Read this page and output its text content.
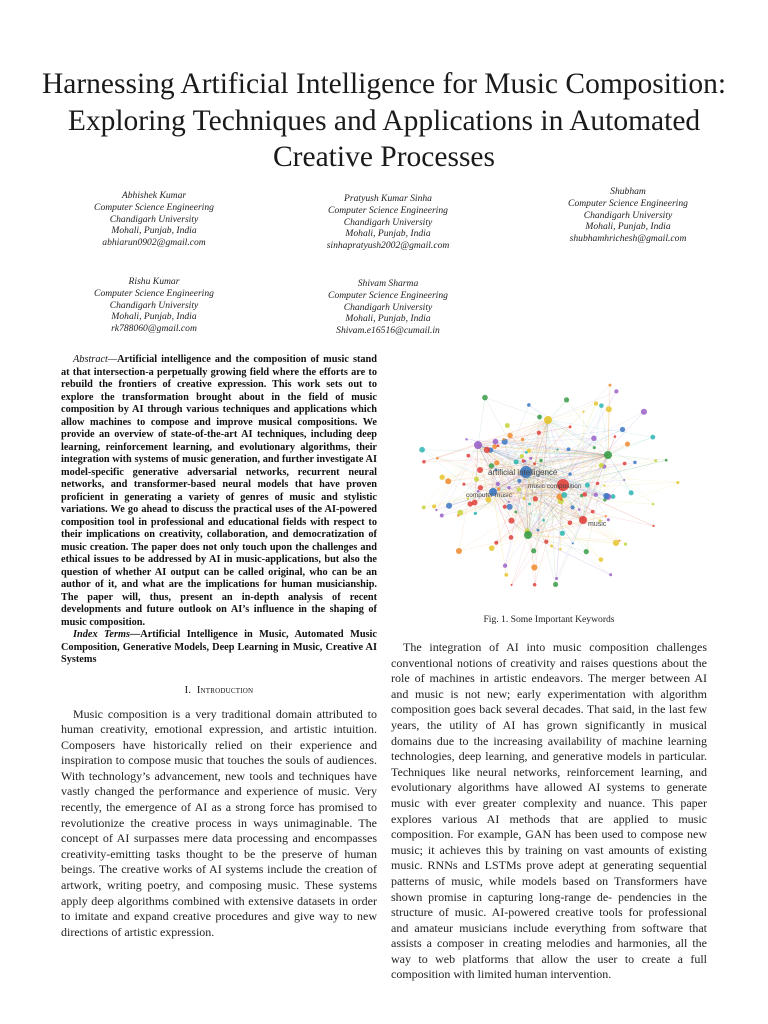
Harnessing Artificial Intelligence for Music Composition: Exploring Techniques and Applications in Automated Creative Processes
Abhishek Kumar
Computer Science Engineering
Chandigarh University
Mohali, Punjab, India
abhiarun0902@gmail.com
Pratyush Kumar Sinha
Computer Science Engineering
Chandigarh University
Mohali, Punjab, India
sinhapratyush2002@gmail.com
Shubham
Computer Science Engineering
Chandigarh University
Mohali, Punjab, India
shubhamhrichesh@gmail.com
Rishu Kumar
Computer Science Engineering
Chandigarh University
Mohali, Punjab, India
rk788060@gmail.com
Shivam Sharma
Computer Science Engineering
Chandigarh University
Mohali, Punjab, India
Shivam.e16516@cumail.in

Abstract—Artificial intelligence and the composition of music stand at that intersection-a perpetually growing field where the efforts are to rebuild the frontiers of creative expression. This work sets out to explore the transformation brought about in the field of music composition by AI through various techniques and applications which allow machines to compose and improve musical compositions. We provide an overview of state-of-the-art AI techniques, including deep learning, reinforcement learning, and evolutionary algorithms, their integration with systems of music generation, and further investigate AI model-specific generative adversarial networks, recurrent neural networks, and transformer-based neural models that have proven proficient in generating a variety of genres of music and stylistic variations. We go ahead to discuss the practical uses of the AI-powered composition tool in professional and educational fields with respect to their implications on creativity, collaboration, and democratization of music creation. The paper does not only touch upon the challenges and ethical issues to be addressed by AI in music-applications, but also the question of whether AI output can be called original, who can be an author of it, and what are the implications for human musicianship. The paper will, thus, present an in-depth analysis of recent developments and future outlook on AI’s influence in the shaping of music composition.

Index Terms—Artificial Intelligence in Music, Automated Music Composition, Generative Models, Deep Learning in Music, Creative AI Systems

I. Introduction

Music composition is a very traditional domain attributed to human creativity, emotional expression, and artistic intuition. Composers have historically relied on their experience and inspiration to compose music that touches the souls of audiences. With technology’s advancement, new tools and techniques have vastly changed the performance and experience of music. Very recently, the emergence of AI as a strong force has promised to revolutionize the creative process in ways unimaginable. The concept of AI surpasses mere data processing and encompasses creativity-emitting tasks thought to be the preserve of human beings. The creative works of AI systems include the creation of artwork, writing poetry, and composing music. These systems apply deep algorithms combined with extensive datasets in order to imitate and expand creative procedures and give way to new directions of artistic expression.

artificial intelligence
music composition
computer music
music
Fig. 1. Some Important Keywords

The integration of AI into music composition challenges conventional notions of creativity and raises questions about the role of machines in artistic endeavors. The merger between AI and music is not new; early experimentation with algorithm composition goes back several decades. That said, in the last few years, the utility of AI has grown significantly in musical domains due to the increasing availability of machine learning technologies, deep learning, and generative models in particular. Techniques like neural networks, reinforcement learning, and evolutionary algorithms have allowed AI systems to generate music with ever greater complexity and nuance. This paper explores various AI methods that are applied to music composition. For example, GAN has been used to compose new music; it achieves this by training on vast amounts of existing music. RNNs and LSTMs prove adept at generating sequential patterns of music, while models based on Transformers have shown promise in capturing long-range de- pendencies in the structure of music. AI-powered creative tools for professional and amateur musicians include everything from software that assists a composer in creating melodies and harmonies, all the way to web platforms that allow the user to create a full composition with limited human intervention.
